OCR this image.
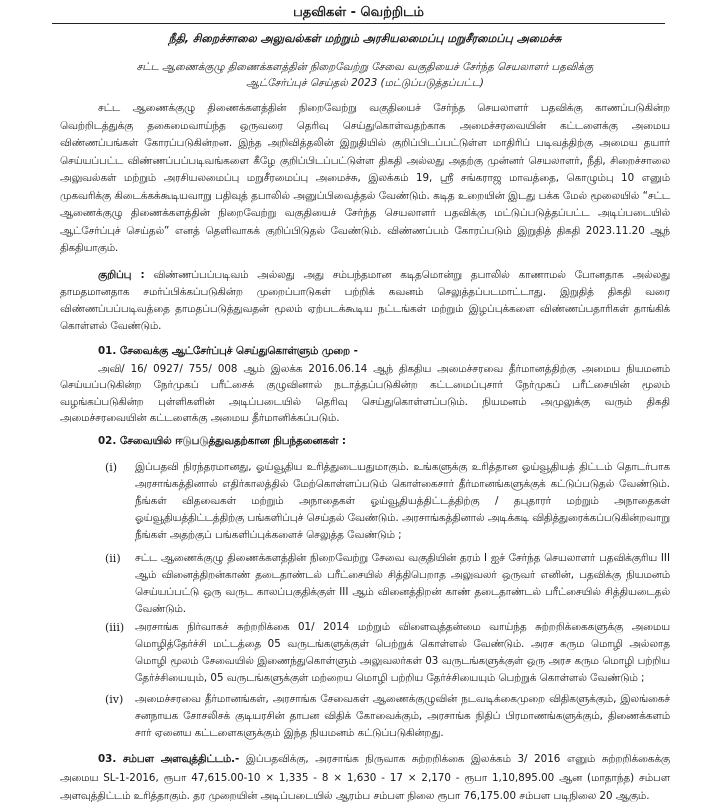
பதவிகள் - வெற்றிடம்
நீதி, சிறைச்சாலை அலுவல்கள் மற்றும் அரசியலமைப்பு மறுசீரமைப்பு அமைச்சு
சட்ட ஆணைக்குழு திணைக்களத்தின் நிறைவேற்று சேவை வகுதியைச் சேர்ந்த செயலாளர் பதவிக்கு ஆட்சேர்ப்புச் செய்தல் 2023 (மட்டுப்படுத்தப்பட்ட)

சட்ட ஆணைக்குழு திணைக்களத்தின் நிறைவேற்று வகுதியைச் சேர்ந்த செயலாளர் பதவிக்கு காணப்படுகின்ற வெற்றிடத்துக்கு தகைமைவாய்ந்த ஒருவரை தெரிவு செய்துகொள்வதற்காக அமைச்சரவையின் கட்டளைக்கு அமைய விண்ணப்பங்கள் கோரப்படுகின்றன. இந்த அறிவித்தலின் இறுதியில் குறிப்பிடப்பட்டுள்ள மாதிரிப் படிவத்திற்கு அமைய தயார் செய்யப்பட்ட விண்ணப்பப்படிவங்களை கீழே குறிப்பிடப்பட்டுள்ள திகதி அல்லது அதற்கு முன்னர் செயலாளர், நீதி, சிறைச்சாலை அலுவல்கள் மற்றும் அரசியலமைப்பு மறுசீரமைப்பு அமைச்சு, இலக்கம் 19, ஸ்ரீ சங்கராஜ மாவத்தை, கொழும்பு 10 எனும் முகவரிக்கு கிடைக்கக்கூடியவாறு பதிவுத் தபாலில் அனுப்பிவைத்தல் வேண்டும். கடித உறையின் இடது பக்க மேல் மூலையில் “சட்ட ஆணைக்குழு திணைக்களத்தின் நிறைவேற்று வகுதியைச் சேர்ந்த செயலாளர் பதவிக்கு மட்டுப்படுத்தப்பட்ட அடிப்படையில் ஆட்சேர்ப்புச் செய்தல்” எனத் தெளிவாகக் குறிப்பிடுதல் வேண்டும். விண்ணப்பம் கோரப்படும் இறுதித் திகதி 2023.11.20 ஆந் திகதியாகும்.

குறிப்பு : விண்ணப்பப்படிவம் அல்லது அது சம்பந்தமான கடிதமொன்று தபாலில் காணாமல் போனதாக அல்லது தாமதமானதாக சமர்ப்பிக்கப்படுகின்ற முறைப்பாடுகள் பற்றிக் கவனம் செலுத்தப்படமாட்டாது. இறுதித் திகதி வரை விண்ணப்பப்படிவத்தை தாமதப்படுத்துவதன் மூலம் ஏற்படக்கூடிய நட்டங்கள் மற்றும் இழப்புக்களை விண்ணப்பதாரிகள் தாங்கிக் கொள்ளல் வேண்டும்.

01. சேவைக்கு ஆட்சேர்ப்புச் செய்துகொள்ளும் முறை -

அவி/ 16/ 0927/ 755/ 008 ஆம் இலக்க 2016.06.14 ஆந் திகதிய அமைச்சரவை தீர்மானத்திற்கு அமைய நியமனம் செய்யப்படுகின்ற நேர்முகப் பரீட்சைக் குழுவினால் நடாத்தப்படுகின்ற கட்டமைப்புசார் நேர்முகப் பரீட்சையின் மூலம் வழங்கப்படுகின்ற புள்ளிகளின் அடிப்படையில் தெரிவு செய்துகொள்ளப்படும். நியமனம் அமுலுக்கு வரும் திகதி அமைச்சரவையின் கட்டளைக்கு அமைய தீர்மானிக்கப்படும்.

02. சேவையில் ஈடுபடுத்துவதற்கான நிபந்தனைகள் :
(i)	இப்பதவி நிரந்தரமானது, ஓய்வூதிய உரித்துடையதுமாகும். உங்களுக்கு உரித்தான ஓய்வூதியத் திட்டம் தொடர்பாக அரசாங்கத்தினால் எதிர்காலத்தில் மேற்கொள்ளப்படும் கொள்கைசார் தீர்மானங்களுக்குக் கட்டுப்படுதல் வேண்டும். நீங்கள் விதவைகள் மற்றும் அநாதைகள் ஓய்வூதியத்திட்டத்திற்கு / தபுதாரர் மற்றும் அநாதைகள் ஓய்வூதியத்திட்டத்திற்கு பங்களிப்புச் செய்தல் வேண்டும். அரசாங்கத்தினால் அடிக்கடி விதித்துரைக்கப்படுகின்றவாறு நீங்கள் அதற்குப் பங்களிப்புக்களைச் செலுத்த வேண்டும் ;
(ii)	சட்ட ஆணைக்குழு திணைக்களத்தின் நிறைவேற்று சேவை வகுதியின் தரம் I ஐச் சேர்ந்த செயலாளர் பதவிக்குரிய III ஆம் வினைத்திறன்காண் தடைதாண்டல் பரீட்சையில் சித்திபெறாத அலுவலர் ஒருவர் எனின், பதவிக்கு நியமனம் செய்யப்பட்டு ஒரு வருட காலப்பகுதிக்குள் III ஆம் வினைத்திறன் காண் தடைதாண்டல் பரீட்சையில் சித்தியடைதல் வேண்டும்.
(iii)	அரசாங்க நிர்வாகச் சுற்றறிக்கை 01/ 2014 மற்றும் விளைவுத்தன்மை வாய்ந்த சுற்றறிக்கைகளுக்கு அமைய மொழித்தேர்ச்சி மட்டத்தை 05 வருடங்களுக்குள் பெற்றுக் கொள்ளல் வேண்டும். அரச கரும மொழி அல்லாத மொழி மூலம் சேவையில் இணைந்துகொள்ளும் அலுவலர்கள் 03 வருடங்களுக்குள் ஒரு அரச கரும மொழி பற்றிய தேர்ச்சியையும், 05 வருடங்களுக்குள் மற்றைய மொழி பற்றிய தேர்ச்சியையும் பெற்றுக் கொள்ளல் வேண்டும் ;
(iv)	அமைச்சரவை தீர்மானங்கள், அரசாங்க சேவைகள் ஆணைக்குழுவின் நடவடிக்கைமுறை விதிகளுக்கும், இலங்கைச் சனநாயக சோசலிசக் குடியரசின் தாபன விதிக் கோவைக்கும், அரசாங்க நிதிப் பிரமாணங்களுக்கும், திணைக்களம் சார் ஏனைய கட்டளைகளுக்கும் இந்த நியமனம் கட்டுப்படுகின்றது.

03. சம்பள அளவுத்திட்டம்.- இப்பதவிக்கு, அரசாங்க நிருவாக சுற்றறிக்கை இலக்கம் 3/ 2016 எனும் சுற்றறிக்கைக்கு அமைய SL-1-2016, ரூபா 47,615.00-10 × 1,335 - 8 × 1,630 - 17 × 2,170 - ரூபா 1,10,895.00 ஆன (மாதாந்த) சம்பள அளவுத்திட்டம் உரித்தாகும். தர முறையின் அடிப்படையில் ஆரம்ப சம்பள நிலை ரூபா 76,175.00 சம்பள படிநிலை 20 ஆகும்.
